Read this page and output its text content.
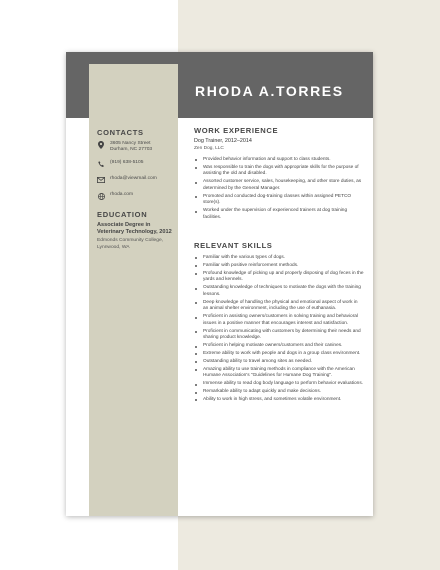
RHODA A.TORRES
CONTACTS
3605 Nancy Street
Durham, NC 27703
(919) 638-5105
rhoda@viewmail.com
rhoda.com
EDUCATION
Associate Degree in Veterinary Technology, 2012
Edmonds Community College, Lynnwood, WA
WORK EXPERIENCE
Dog Trainer, 2012–2014
Zen Dog, LLC
Provided behavior information and support to class students.
Was responsible to train the dogs with appropriate skills for the purpose of assisting the old and disabled.
Assorted customer service, sales, housekeeping, and other store duties, as determined by the General Manager.
Promoted and conducted dog-training classes within assigned PETCO store(s).
Worked under the supervision of experienced trainers at dog training facilities.
RELEVANT SKILLS
Familiar with the various types of dogs.
Familiar with positive reinforcement methods.
Profound knowledge of picking up and properly disposing of dog feces in the yards and kennels.
Outstanding knowledge of techniques to motivate the dogs with the training lessons.
Deep knowledge of handling the physical and emotional aspect of work in an animal shelter environment, including the use of euthanasia.
Proficient in assisting owners/customers in solving training and behavioral issues in a positive manner that encourages interest and satisfaction.
Proficient in communicating with customers by determining their needs and sharing product knowledge.
Proficient in helping motivate owners/customers and their canines.
Extreme ability to work with people and dogs in a group class environment.
Outstanding ability to travel among sites as needed.
Amazing ability to use training methods in compliance with the American Humane Association's "Guidelines for Humane Dog Training".
Immense ability to read dog body language to perform behavior evaluations.
Remarkable ability to adapt quickly and make decisions.
Ability to work in high stress, and sometimes volatile environment.
